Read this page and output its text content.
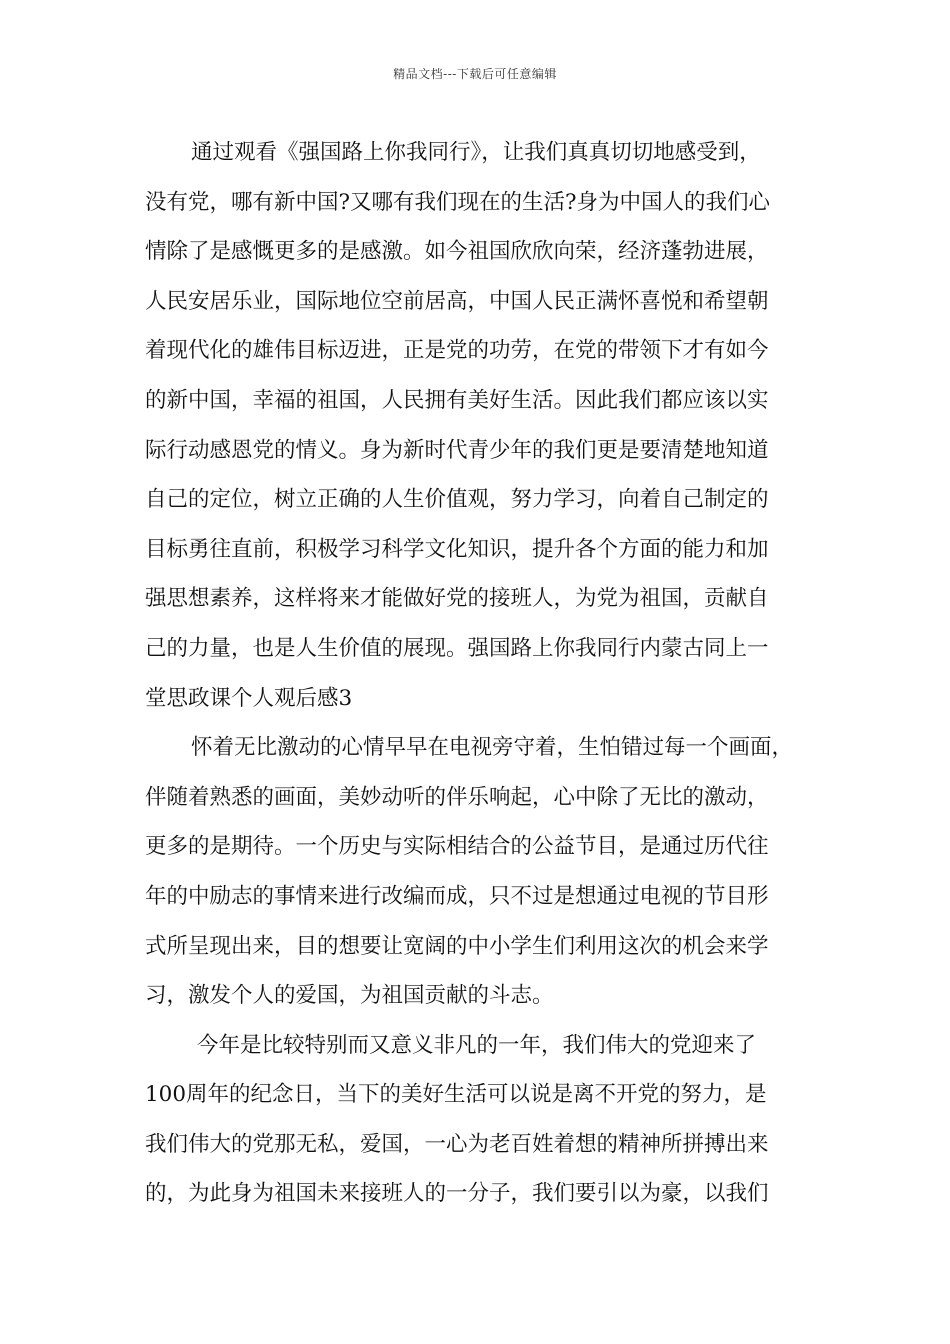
精品文档---下载后可任意编辑
通过观看《强国路上你我同行》，让我们真真切切地感受到，
没有党，哪有新中国?又哪有我们现在的生活?身为中国人的我们心
情除了是感慨更多的是感激。如今祖国欣欣向荣，经济蓬勃进展，
人民安居乐业，国际地位空前居高，中国人民正满怀喜悦和希望朝
着现代化的雄伟目标迈进，正是党的功劳，在党的带领下才有如今
的新中国，幸福的祖国，人民拥有美好生活。因此我们都应该以实
际行动感恩党的情义。身为新时代青少年的我们更是要清楚地知道
自己的定位，树立正确的人生价值观，努力学习，向着自己制定的
目标勇往直前，积极学习科学文化知识，提升各个方面的能力和加
强思想素养，这样将来才能做好党的接班人，为党为祖国，贡献自
己的力量，也是人生价值的展现。强国路上你我同行内蒙古同上一
堂思政课个人观后感3
怀着无比激动的心情早早在电视旁守着，生怕错过每一个画面，
伴随着熟悉的画面，美妙动听的伴乐响起，心中除了无比的激动，
更多的是期待。一个历史与实际相结合的公益节目，是通过历代往
年的中励志的事情来进行改编而成，只不过是想通过电视的节目形
式所呈现出来，目的想要让宽阔的中小学生们利用这次的机会来学
习，激发个人的爱国，为祖国贡献的斗志。
今年是比较特别而又意义非凡的一年，我们伟大的党迎来了
100周年的纪念日，当下的美好生活可以说是离不开党的努力，是
我们伟大的党那无私，爱国，一心为老百姓着想的精神所拼搏出来
的，为此身为祖国未来接班人的一分子，我们要引以为豪，以我们
